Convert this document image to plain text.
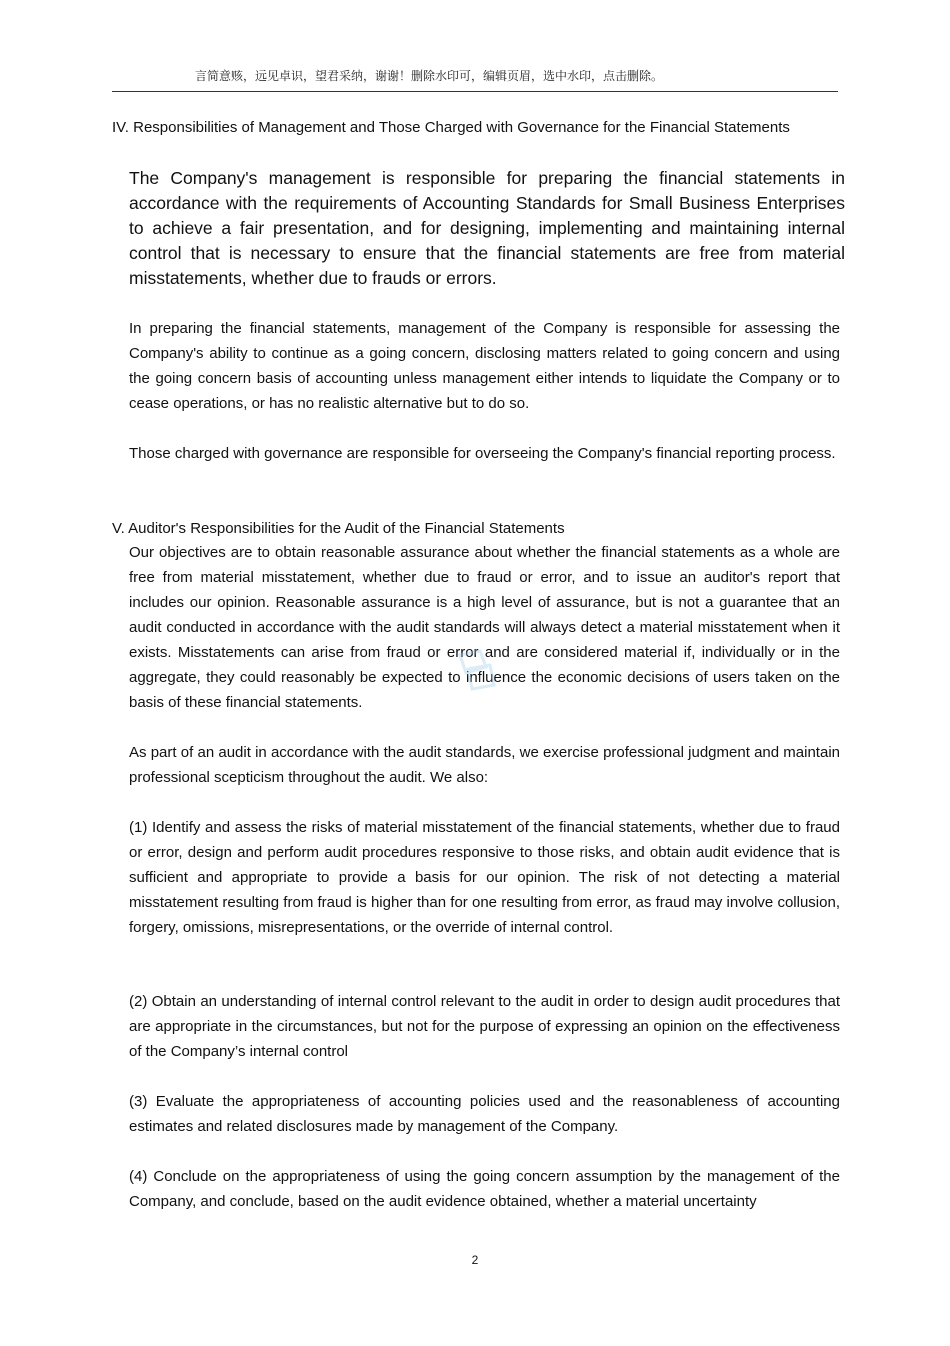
言简意赅，远见卓识，望君采纳，谢谢！删除水印可，编辑页眉，选中水印，点击删除。

IV. Responsibilities of Management and Those Charged with Governance for the Financial Statements

The Company's management is responsible for preparing the financial statements in accordance with the requirements of Accounting Standards for Small Business Enterprises to achieve a fair presentation, and for designing, implementing and maintaining internal control that is necessary to ensure that the financial statements are free from material misstatements, whether due to frauds or errors.

In preparing the financial statements, management of the Company is responsible for assessing the Company's ability to continue as a going concern, disclosing matters related to going concern and using the going concern basis of accounting unless management either intends to liquidate the Company or to cease operations, or has no realistic alternative but to do so.

Those charged with governance are responsible for overseeing the Company's financial reporting process.

V. Auditor's Responsibilities for the Audit of the Financial Statements

Our objectives are to obtain reasonable assurance about whether the financial statements as a whole are free from material misstatement, whether due to fraud or error, and to issue an auditor's report that includes our opinion. Reasonable assurance is a high level of assurance, but is not a guarantee that an audit conducted in accordance with the audit standards will always detect a material misstatement when it exists. Misstatements can arise from fraud or error and are considered material if, individually or in the aggregate, they could reasonably be expected to influence the economic decisions of users taken on the basis of these financial statements.

As part of an audit in accordance with the audit standards, we exercise professional judgment and maintain professional scepticism throughout the audit. We also:

(1) Identify and assess the risks of material misstatement of the financial statements, whether due to fraud or error, design and perform audit procedures responsive to those risks, and obtain audit evidence that is sufficient and appropriate to provide a basis for our opinion. The risk of not detecting a material misstatement resulting from fraud is higher than for one resulting from error, as fraud may involve collusion, forgery, omissions, misrepresentations, or the override of internal control.

(2) Obtain an understanding of internal control relevant to the audit in order to design audit procedures that are appropriate in the circumstances, but not for the purpose of expressing an opinion on the effectiveness of the Company’s internal control

(3) Evaluate the appropriateness of accounting policies used and the reasonableness of accounting estimates and related disclosures made by management of the Company.

(4) Conclude on the appropriateness of using the going concern assumption by the management of the Company, and conclude, based on the audit evidence obtained, whether a material uncertainty

2
